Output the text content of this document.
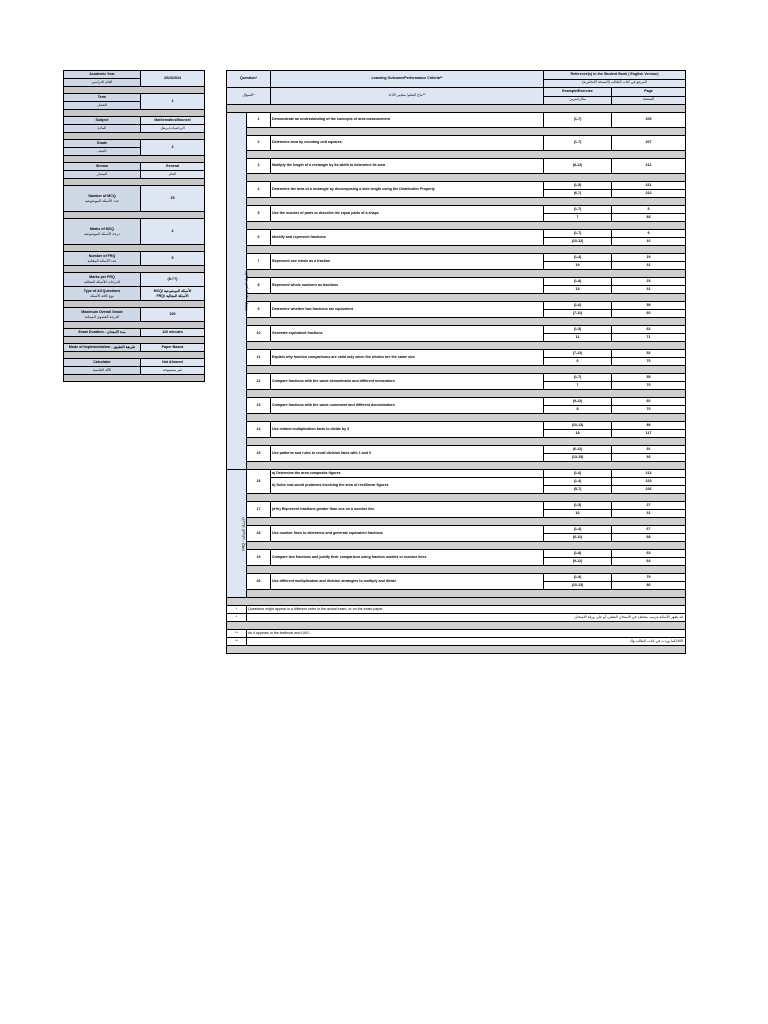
Academic Year	2023/2024
العام الدراسي	

Term	2
الفصل	

Subject	Mathematics/Bruneel
المادة	الرياضيات/بريفل

Grade	3
الصف	

Stream	General
المسار	العام

Number of MCQ
عدد الأسئلة الموضوعية	15

Marks of MCQ
درجة الأسئلة الموضوعية	4

Number of FRQ
عدد الأسئلة المقالية	5

Marks per FRQ
الدرجات للأسئلة المقالية	(8-??)

Type of All Questions
نوع كافة الأسئلة	MCQ/ الأسئلة الموضوعية
FRQ/ الأسئلة المقالية

Maximum Overall Grade
الدرجة القصوى الممكنة	100

Exam Duration - مدة الامتحان	120 minutes

Mode of Implementation - طريقة التطبيق	Paper Based

Calculator	Not Allowed
الآلة الحاسبة	غير مسموحة

Question*		Learning Outcome/Performance Criteria**	Reference(s) in the Student Book ( English Version)	
			المرجع في كتاب الطالب (النسخة الانجليزية)	
السؤال*		نتاج التعلم/ معايير الأداء**	Example/Exercise	Page
			مثال/تمرين	الصفحة

MCQ - الأسئلة الموضوعية	1	Demonstrate an understanding of the concepts of area measurement	(1-7)	205

	2	Determine area by counting unit squares	(1-7)	207

	3	Multiply the length of a rectangle by its width to determine its area	(8-12)	212

	4	Determine the area of a rectangle by decomposing a side length using the Distributive Property	(1-5)	221
			(6,7)	222

	5	Use the number of parts to describe the equal parts of a shape	(1-7)	5
			7	83

	6	Identify and represent fractions	(1-7)	9
			(10-12)	10

	7	Represent one whole as a fraction	(1-4)	19
			19	31

	8	Represent whole numbers as fractions	(1-8)	23
			15	31

	9	Determine whether two fractions are equivalent	(1-6)	59
			(7-11)	60

	10	Generate equivalent fractions	(1-5)	63
			11	71

	11	Explain why fraction comparisons are valid only when the wholes are the same size	(7-12)	52
			6	70

	12	Compare fractions with the same denominator and different numerators	(1-7)	55
			7	70

	13	Compare fractions with the same numerator and different denominators	(9-12)	60
			8	70

	14	Use related multiplication facts to divide by 3	(10-13)	89
			18	117

	15	Use patterns and rules to recall division facts with 1 and 0	(6-12)	91
			(13-15)	92

FRQ - الأسئلة المقالية	16	a) Determine the area composite figures	(1-6)	213
		b) Solve real-world problems involving the area of rectilinear figures	(1-4)	225
			(5-7)	226

	17	(a+b) Represent fractions greater than one on a number line	(1-5)	27
			16	31

	18	Use number lines to determine and generate equivalent fractions	(1-4)	67
			(6-11)	68

	19	Compare two fractions and justify their comparison using fraction models or number lines	(1-8)	63
			(9-12)	64

	20	Use different multiplication and division strategies to multiply and divide	(1-9)	79
			(10-13)	80

*	Questions might appear in a different order in the actual exam, or on the exam paper.			
*	قد تظهر الأسئلة بترتيب مختلف في الامتحان الفعلي، أو على ورقة الامتحان.			

**	As it appears in the textbook and LMS.			
**	كما وردت في كتاب الطالب والـLMS.			
